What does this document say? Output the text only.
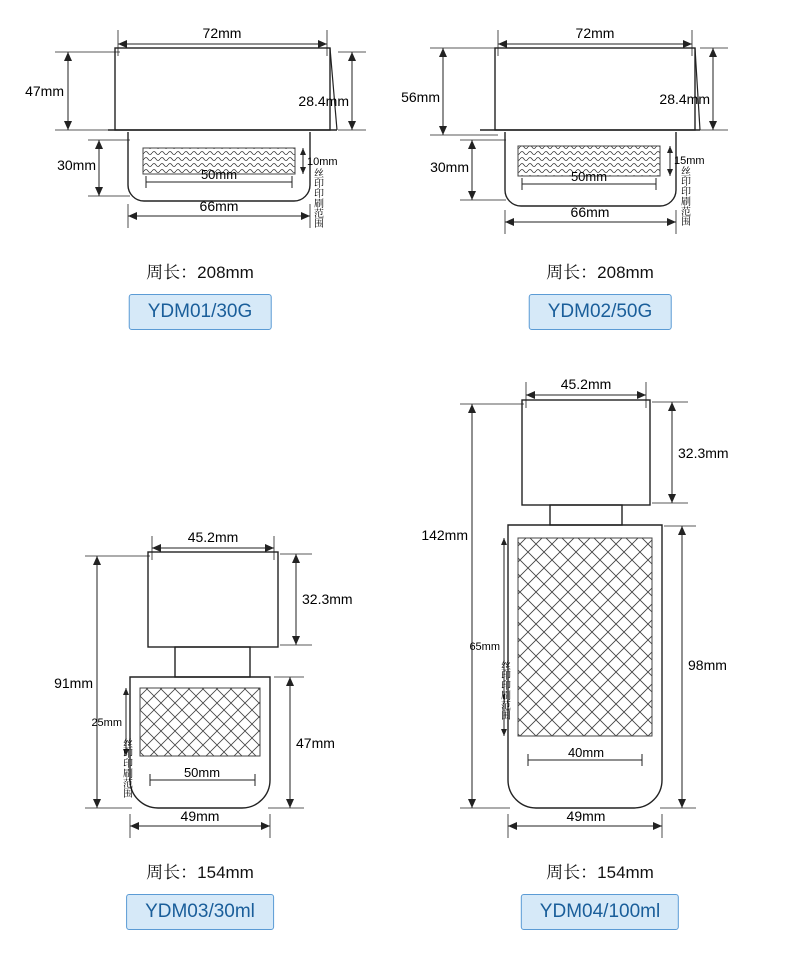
72mm
47mm
28.4mm
30mm	10mm
50mm
66mm	丝印印刷范围
周长：208mm
YDM01/30G
72mm
56mm	28.4mm
30mm	15mm
50mm
66mm	丝印印刷范围
周长：208mm
YDM02/50G
45.2mm
32.3mm
91mm
25mm
丝印印刷范围	47mm
50mm
49mm
周长：154mm
YDM03/30ml
45.2mm
32.3mm
142mm
65mm
丝印印刷范围	98mm
40mm
49mm
周长：154mm
YDM04/100ml
